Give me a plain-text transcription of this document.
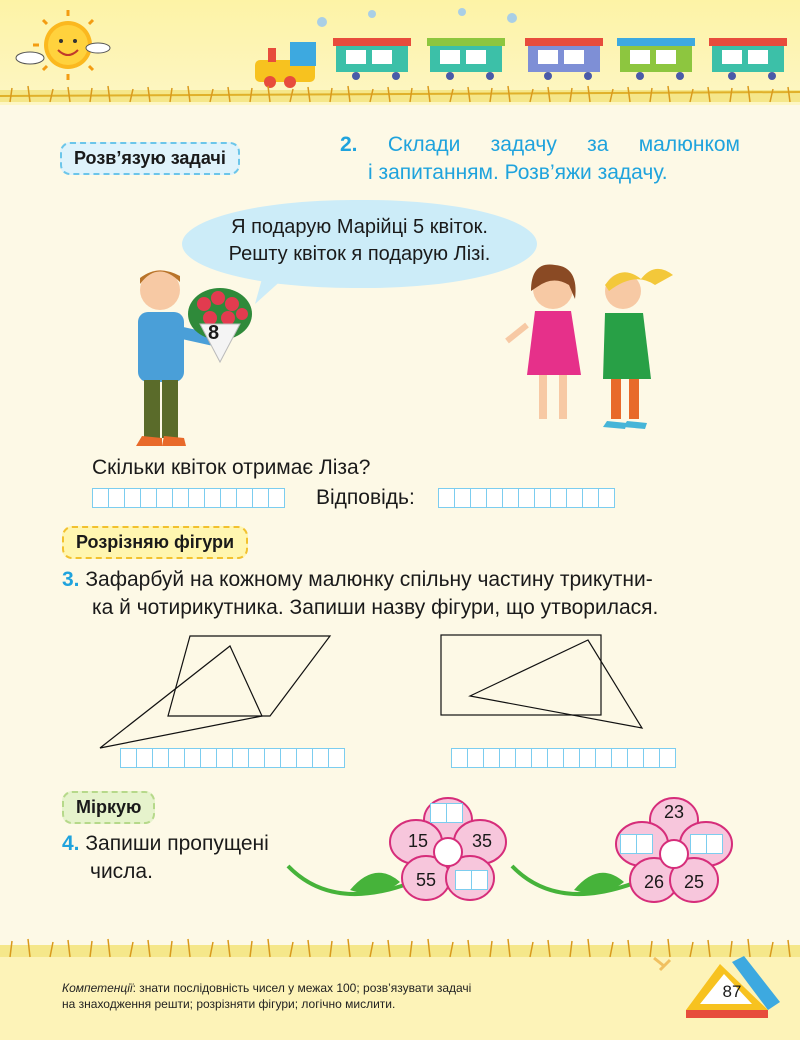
Розв’язую задачі
2. Склади задачу за малюнком
і запитанням. Розв’яжи задачу.
Я подарую Марійці 5 квіток.
Решту квіток я подарую Лізі.
8
Скільки квіток отримає Ліза?
Відповідь:
Розрізняю фігури
3. Зафарбуй на кожному малюнку спільну частину трикутни-
ка й чотирикутника. Запиши назву фігури, що утворилася.
Міркую
4. Запиши пропущені
числа.
15	35
55
23
26	25
Компетенції: знати послідовність чисел у межах 100; розв’язувати задачі
на знаходження решти; розрізняти фігури; логічно мислити.
87
